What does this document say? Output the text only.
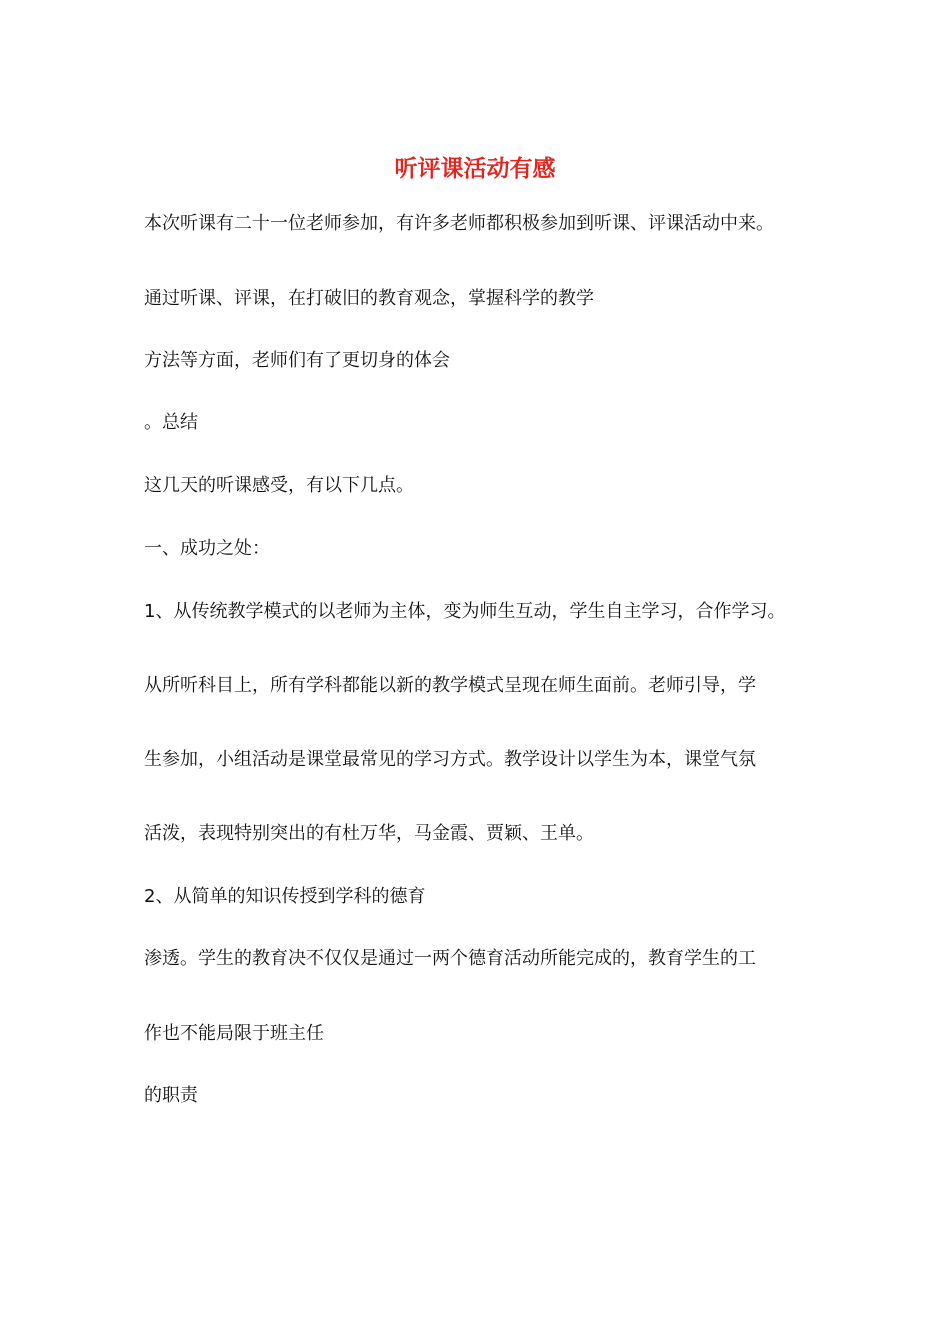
听评课活动有感
本次听课有二十一位老师参加，有许多老师都积极参加到听课、评课活动中来。
通过听课、评课，在打破旧的教育观念，掌握科学的教学
方法等方面，老师们有了更切身的体会
。总结
这几天的听课感受，有以下几点。
一、成功之处：
1、从传统教学模式的以老师为主体，变为师生互动，学生自主学习，合作学习。
从所听科目上，所有学科都能以新的教学模式呈现在师生面前。老师引导，学
生参加，小组活动是课堂最常见的学习方式。教学设计以学生为本，课堂气氛
活泼，表现特别突出的有杜万华，马金霞、贾颖、王单。
2、从简单的知识传授到学科的德育
渗透。学生的教育决不仅仅是通过一两个德育活动所能完成的，教育学生的工
作也不能局限于班主任
的职责
